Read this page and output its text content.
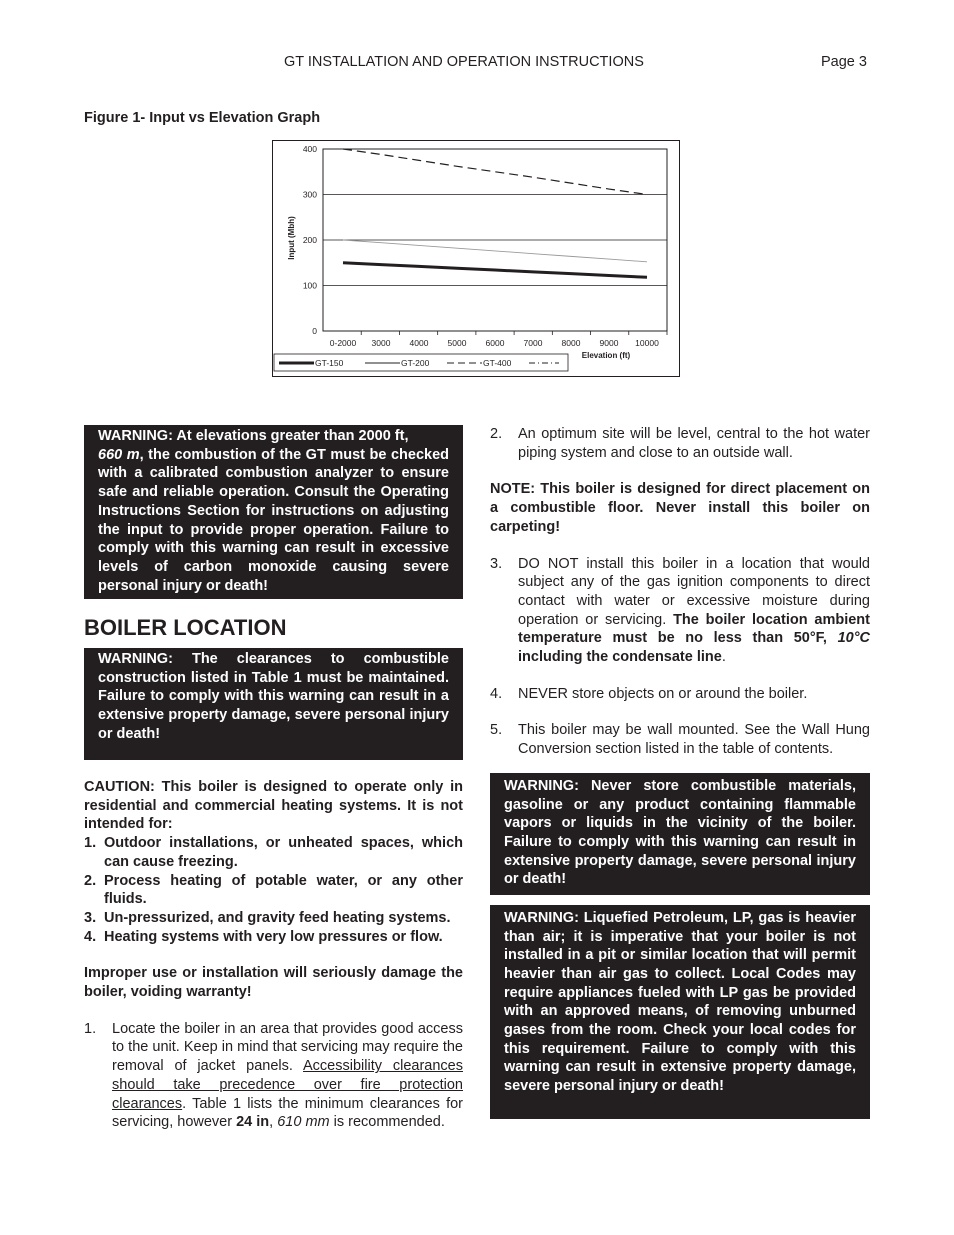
GT INSTALLATION AND OPERATION INSTRUCTIONS	Page 3
Figure 1- Input vs Elevation Graph
0
100
200
300
400
0-2000 3000 4000 5000 6000 7000 8000 9000 10000
Input (Mbh)
Elevation (ft)
GT-150	GT-200	GT-400
WARNING: At elevations greater than 2000 ft,
660 m, the combustion of the GT must be checked with a calibrated combustion analyzer to ensure safe and reliable operation. Consult the Operating Instructions Section for instructions on adjusting the input to provide proper operation. Failure to comply with this warning can result in excessive levels of carbon monoxide causing severe personal injury or death!
BOILER LOCATION
WARNING: The clearances to combustible construction listed in Table 1 must be maintained. Failure to comply with this warning can result in a extensive property damage, severe personal injury or death!
CAUTION: This boiler is designed to operate only in residential and commercial heating systems. It is not intended for:
1. Outdoor installations, or unheated spaces, which can cause freezing.
2. Process heating of potable water, or any other fluids.
3. Un-pressurized, and gravity feed heating systems.
4. Heating systems with very low pressures or flow.
Improper use or installation will seriously damage the boiler, voiding warranty!
1.	Locate the boiler in an area that provides good access to the unit. Keep in mind that servicing may require the removal of jacket panels. Accessibility clearances should take precedence over fire protection clearances. Table 1 lists the minimum clearances for servicing, however 24 in, 610 mm is recommended.
2.	An optimum site will be level, central to the hot water piping system and close to an outside wall.
NOTE: This boiler is designed for direct placement on a combustible floor. Never install this boiler on carpeting!
3.	DO NOT install this boiler in a location that would subject any of the gas ignition components to direct contact with water or excessive moisture during operation or servicing. The boiler location ambient temperature must be no less than 50°F, 10°C including the condensate line.
4.	NEVER store objects on or around the boiler.
5.	This boiler may be wall mounted. See the Wall Hung Conversion section listed in the table of contents.
WARNING: Never store combustible materials, gasoline or any product containing flammable vapors or liquids in the vicinity of the boiler. Failure to comply with this warning can result in extensive property damage, severe personal injury or death!
WARNING: Liquefied Petroleum, LP, gas is heavier than air; it is imperative that your boiler is not installed in a pit or similar location that will permit heavier than air gas to collect. Local Codes may require appliances fueled with LP gas be provided with an approved means, of removing unburned gases from the room. Check your local codes for this requirement. Failure to comply with this warning can result in extensive property damage, severe personal injury or death!
